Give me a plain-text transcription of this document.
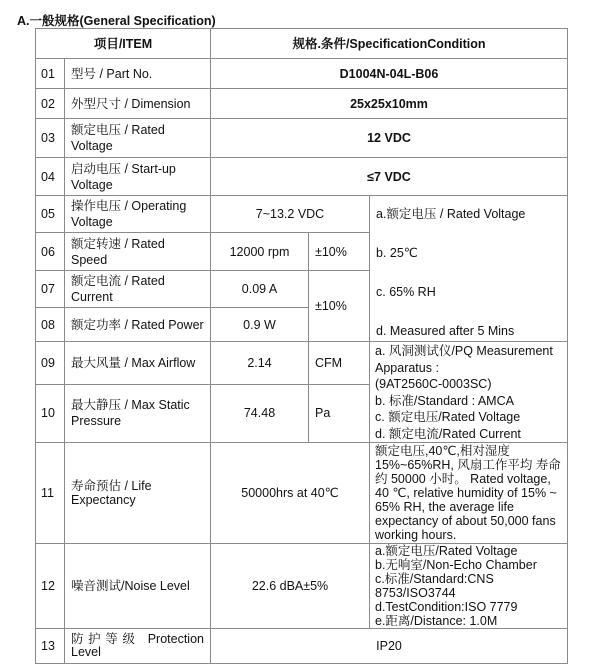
A.一般规格(General Specification)
项目/ITEM		规格.条件/SpecificationCondition		
01	型号 / Part No.	D1004N-04L-B06		
02	外型尺寸 / Dimension	25x25x10mm		
03	额定电压 / Rated Voltage	12 VDC		
04	启动电压 / Start-up Voltage	≤7 VDC		
05	操作电压 / Operating Voltage	7~13.2 VDC		a.额定电压 / Rated Voltage
b. 25℃
c. 65% RH
d. Measured after 5 Mins

06	额定转速 / Rated Speed	12000 rpm	±10%	
07	额定电流 / Rated Current	0.09 A	±10%	
08	额定功率 / Rated Power	0.9 W		
09	最大风量 / Max Airflow	2.14	CFM	a. 风洞测试仪/PQ Measurement Apparatus :
(9AT2560C-0003SC)
b. 标准/Standard : AMCA
c. 额定电压/Rated Voltage
d. 额定电流/Rated Current

10	最大静压 / Max Static Pressure	74.48	Pa	
11	寿命预估 / Life Expectancy	50000hrs at 40℃		额定电压,40℃,相对湿度 15%~65%RH, 风扇工作平均 寿命约 50000 小时。 Rated voltage, 40 ℃, relative humidity of 15% ~ 65% RH, the average life expectancy of about 50,000 fans working hours.
12	噪音测试/Noise Level	22.6 dBA±5%		a.额定电压/Rated Voltage
b.无响室/Non-Echo Chamber
c.标准/Standard:CNS 8753/ISO3744
d.TestCondition:ISO 7779
e.距离/Distance: 1.0M

13	防护等级 Protection Level	IP20		
